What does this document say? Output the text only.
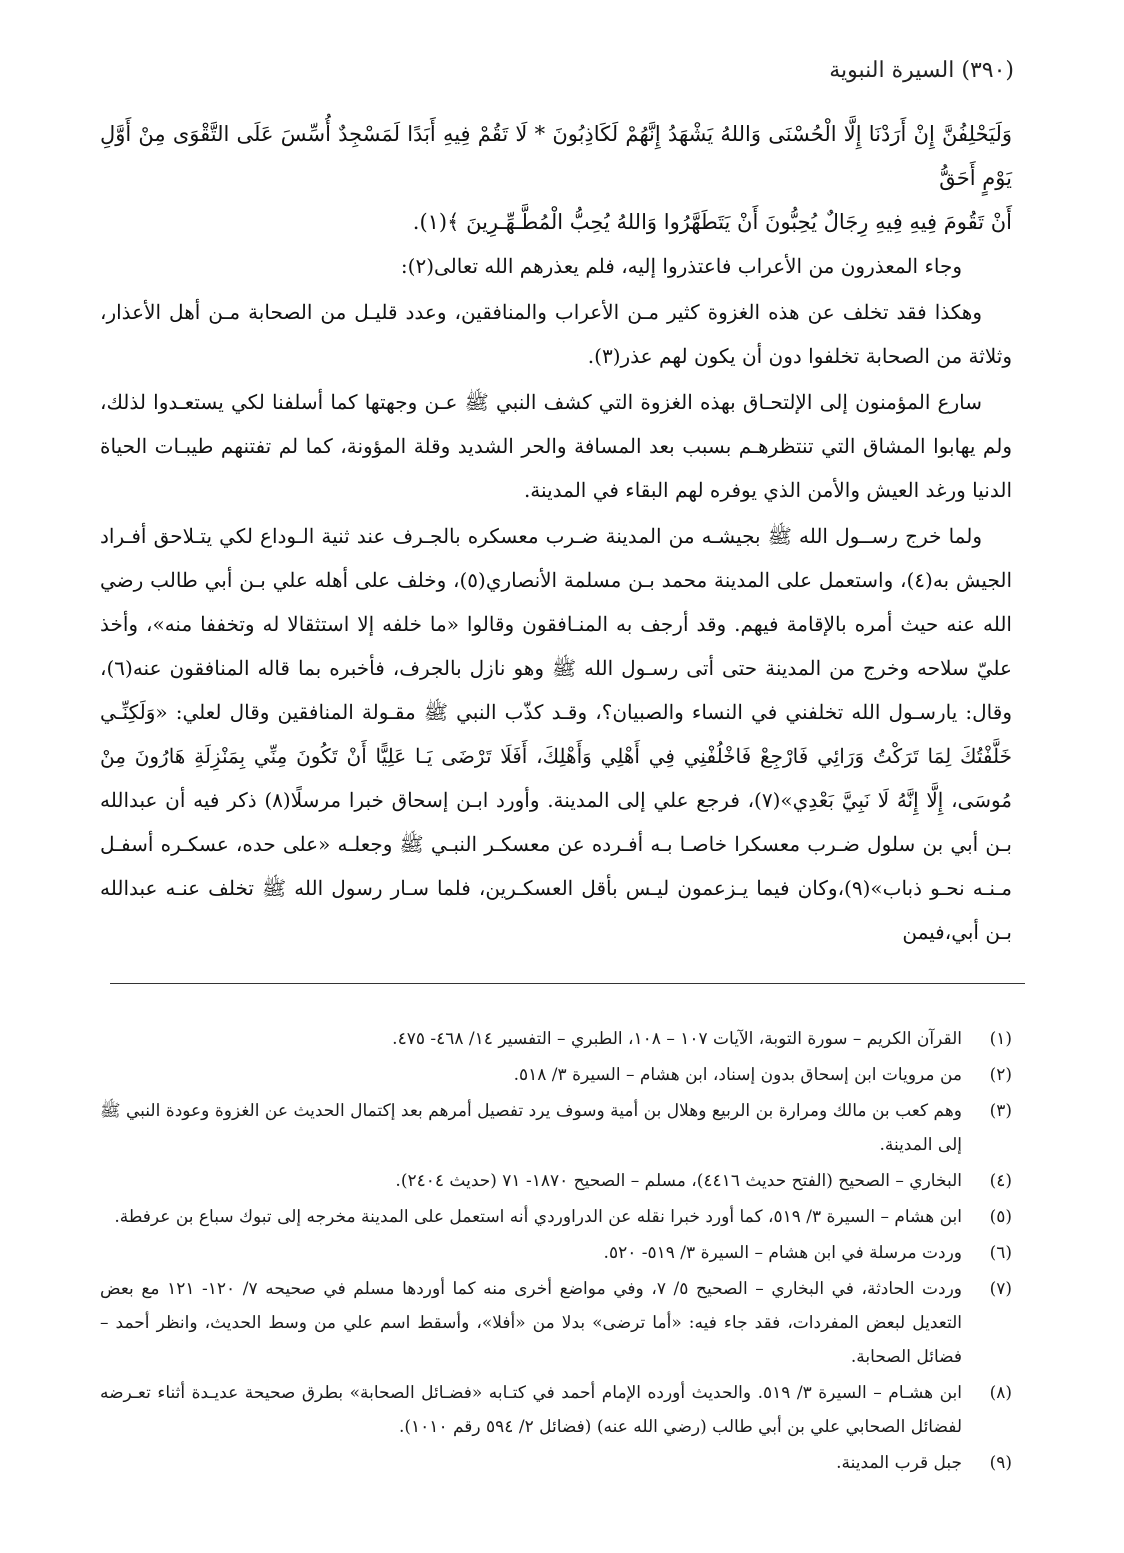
(٣٩٠) السيرة النبوية

وَلَيَحْلِفُنَّ إِنْ أَرَدْنَا إِلَّا الْحُسْنَى وَاللهُ يَشْهَدُ إِنَّهُمْ لَكَاذِبُونَ * لَا تَقُمْ فِيهِ أَبَدًا لَمَسْجِدٌ أُسِّسَ عَلَى التَّقْوَى مِنْ أَوَّلِ يَوْمٍ أَحَقُّ

أَنْ تَقُومَ فِيهِ فِيهِ رِجَالٌ يُحِبُّونَ أَنْ يَتَطَهَّرُوا وَاللهُ يُحِبُّ الْمُطَّـهِّـرِينَ ﴾(١).

وجاء المعذرون من الأعراب فاعتذروا إليه، فلم يعذرهم الله تعالى(٢):

وهكذا فقد تخلف عن هذه الغزوة كثير مـن الأعراب والمنافقين، وعدد قليـل من الصحابة مـن أهل الأعذار، وثلاثة من الصحابة تخلفوا دون أن يكون لهم عذر(٣).

سارع المؤمنون إلى الإلتحـاق بهذه الغزوة التي كشف النبي ﷺ عـن وجهتها كما أسلفنا لكي يستعـدوا لذلك، ولم يهابوا المشاق التي تنتظرهـم بسبب بعد المسافة والحر الشديد وقلة المؤونة، كما لم تفتنهم طيبـات الحياة الدنيا ورغد العيش والأمن الذي يوفره لهم البقاء في المدينة.

ولما خرج رســول الله ﷺ بجيشـه من المدينة ضـرب معسكره بالجـرف عند ثنية الـوداع لكي يتـلاحق أفـراد الجيش به(٤)، واستعمل على المدينة محمد بـن مسلمة الأنصاري(٥)، وخلف على أهله علي بـن أبي طالب رضي الله عنه حيث أمره بالإقامة فيهم. وقد أرجف به المنـافقون وقالوا «ما خلفه إلا استثقالا له وتخففا منه»، وأخذ عليّ سلاحه وخرج من المدينة حتى أتى رسـول الله ﷺ وهو نازل بالجرف، فأخبره بما قاله المنافقون عنه(٦)، وقال: يارسـول الله تخلفني في النساء والصبيان؟، وقـد كذّب النبي ﷺ مقـولة المنافقين وقال لعلي: «وَلَكِنِّـي خَلَّفْتُكَ لِمَا تَرَكْتُ وَرَائِي فَارْجِعْ فَاخْلُفْنِي فِي أَهْلِي وَأَهْلِكَ، أَفَلَا تَرْضَى يَـا عَلِيًّا أَنْ تَكُونَ مِنِّي بِمَنْزِلَةِ هَارُونَ مِنْ مُوسَى، إِلَّا إِنَّهُ لَا نَبِيَّ بَعْدِي»(٧)، فرجع علي إلى المدينة. وأورد ابـن إسحاق خبرا مرسلًا(٨) ذكر فيه أن عبدالله بـن أبي بن سلول ضـرب معسكرا خاصـا بـه أفـرده عن معسكـر النبـي ﷺ وجعلـه «على حده، عسكـره أسفـل مـنـه نحـو ذباب»(٩)،وكان فيما يـزعمون ليـس بأقل العسكـرين، فلما سـار رسول الله ﷺ تخلف عنـه عبدالله بـن أبي،فيمن

(١)
القرآن الكريم – سورة التوبة، الآيات ١٠٧ – ١٠٨، الطبري – التفسير ١٤/ ٤٦٨- ٤٧٥.
(٢)
من مرويات ابن إسحاق بدون إسناد، ابن هشام – السيرة ٣/ ٥١٨.
(٣)
وهم كعب بن مالك ومرارة بن الربيع وهلال بن أمية وسوف يرد تفصيل أمرهم بعد إكتمال الحديث عن الغزوة وعودة النبي ﷺ إلى المدينة.
(٤)
البخاري – الصحيح (الفتح حديث ٤٤١٦)، مسلم – الصحيح ١٨٧٠- ٧١ (حديث ٢٤٠٤).
(٥)
ابن هشام – السيرة ٣/ ٥١٩، كما أورد خبرا نقله عن الدراوردي أنه استعمل على المدينة مخرجه إلى تبوك سباع بن عرفطة.
(٦)
وردت مرسلة في ابن هشام – السيرة ٣/ ٥١٩- ٥٢٠.
(٧)
وردت الحادثة، في البخاري – الصحيح ٥/ ٧، وفي مواضع أخرى منه كما أوردها مسلم في صحيحه ٧/ ١٢٠- ١٢١ مع بعض التعديل لبعض المفردات، فقد جاء فيه: «أما ترضى» بدلا من «أفلا»، وأسقط اسم علي من وسط الحديث، وانظر أحمد – فضائل الصحابة.
(٨)
ابن هشـام – السيرة ٣/ ٥١٩. والحديث أورده الإمام أحمد في كتـابه «فضـائل الصحابة» بطرق صحيحة عديـدة أثناء تعـرضه لفضائل الصحابي علي بن أبي طالب (رضي الله عنه) (فضائل ٢/ ٥٩٤ رقم ١٠١٠).
(٩)
جبل قرب المدينة.
